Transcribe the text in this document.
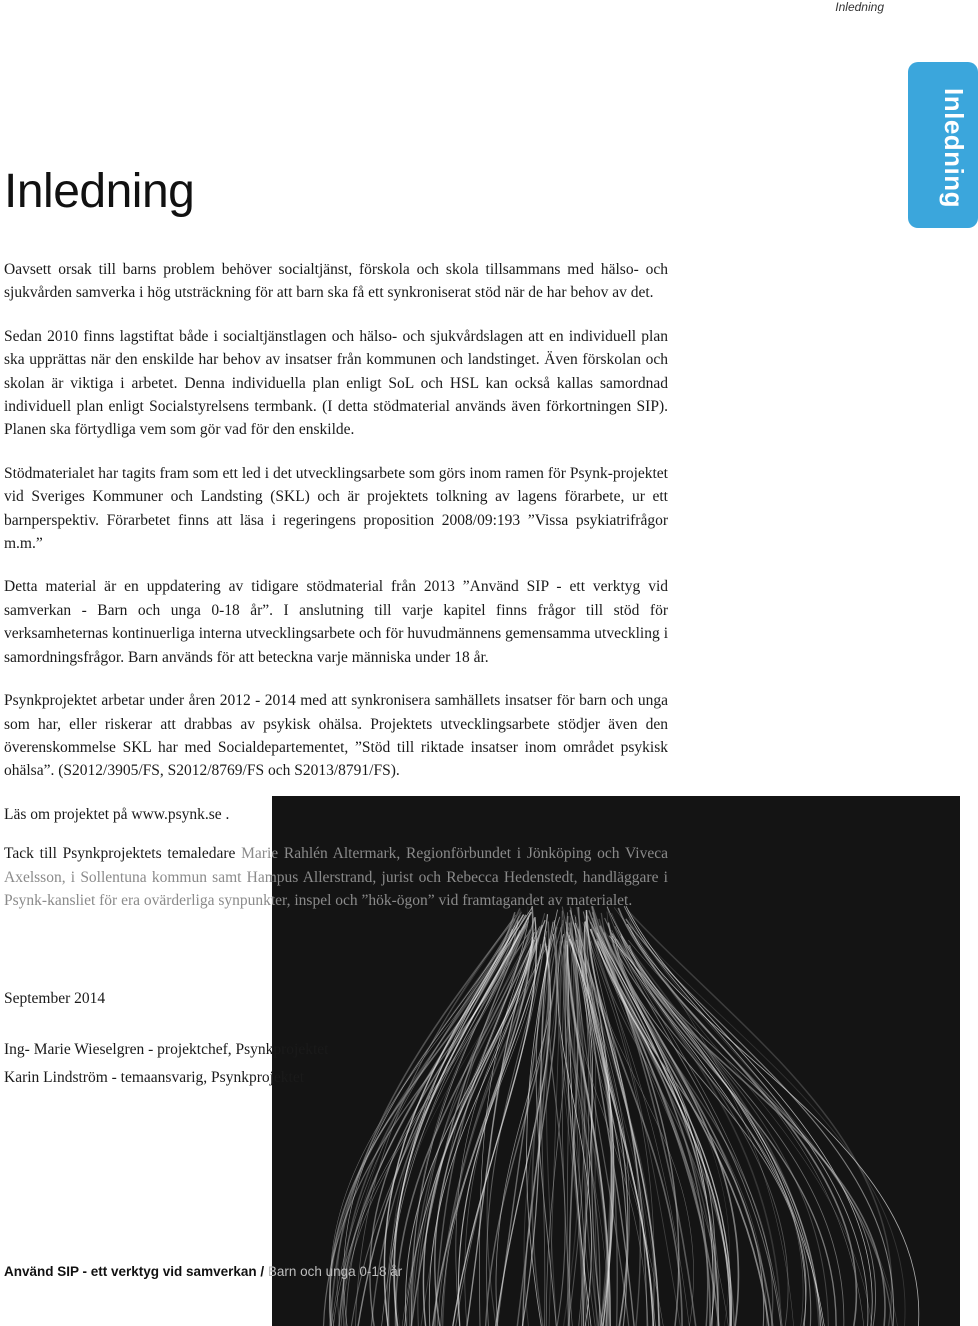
Inledning
Inledning
Inledning

Oavsett orsak till barns problem behöver socialtjänst, förskola och skola tillsammans med hälso- och sjukvården samverka i hög utsträckning för att barn ska få ett synkroniserat stöd när de har behov av det.

Sedan 2010 finns lagstiftat både i socialtjänstlagen och hälso- och sjukvårdslagen att en individuell plan ska upprättas när den enskilde har behov av insatser från kommunen och landstinget. Även förskolan och skolan är viktiga i arbetet. Denna individuella plan enligt SoL och HSL kan också kallas samordnad individuell plan enligt Socialstyrelsens termbank. (I detta stödmaterial används även förkortningen SIP). Planen ska förtydliga vem som gör vad för den enskilde.

Stödmaterialet har tagits fram som ett led i det utvecklingsarbete som görs inom ramen för Psynk-projektet vid Sveriges Kommuner och Landsting (SKL) och är projektets tolkning av lagens förarbete, ur ett barnperspektiv. Förarbetet finns att läsa i regeringens proposition 2008/09:193 ”Vissa psykiatrifrågor m.m.”

Detta material är en uppdatering av tidigare stödmaterial från 2013 ”Använd SIP - ett verktyg vid samverkan - Barn och unga 0-18 år”. I anslutning till varje kapitel finns frågor till stöd för verksamheternas kontinuerliga interna utvecklingsarbete och för huvudmännens gemensamma utveckling i samordningsfrågor. Barn används för att beteckna varje människa under 18 år.

Psynkprojektet arbetar under åren 2012 - 2014 med att synkronisera samhällets insatser för barn och unga som har, eller riskerar att drabbas av psykisk ohälsa. Projektets utvecklingsarbete stödjer även den överenskommelse SKL har med Socialdepartementet, ”Stöd till riktade insatser inom området psykisk ohälsa”. (S2012/3905/FS, S2012/8769/FS och S2013/8791/FS).

Läs om projektet på www.psynk.se .

Tack till Psynkprojektets temaledare Marie Rahlén Altermark, Regionförbundet i Jönköping och Viveca Axelsson, i Sollentuna kommun samt Hampus Allerstrand, jurist och Rebecca Hedenstedt, handläggare i Psynk-kansliet för era ovärderliga synpunkter, inspel och ”hök-ögon” vid framtagandet av materialet.

September 2014

Ing- Marie Wieselgren - projektchef, Psynkprojektet

Karin Lindström - temaansvarig, Psynkprojektet

Använd SIP - ett verktyg vid samverkan / Barn och unga 0-18 år
